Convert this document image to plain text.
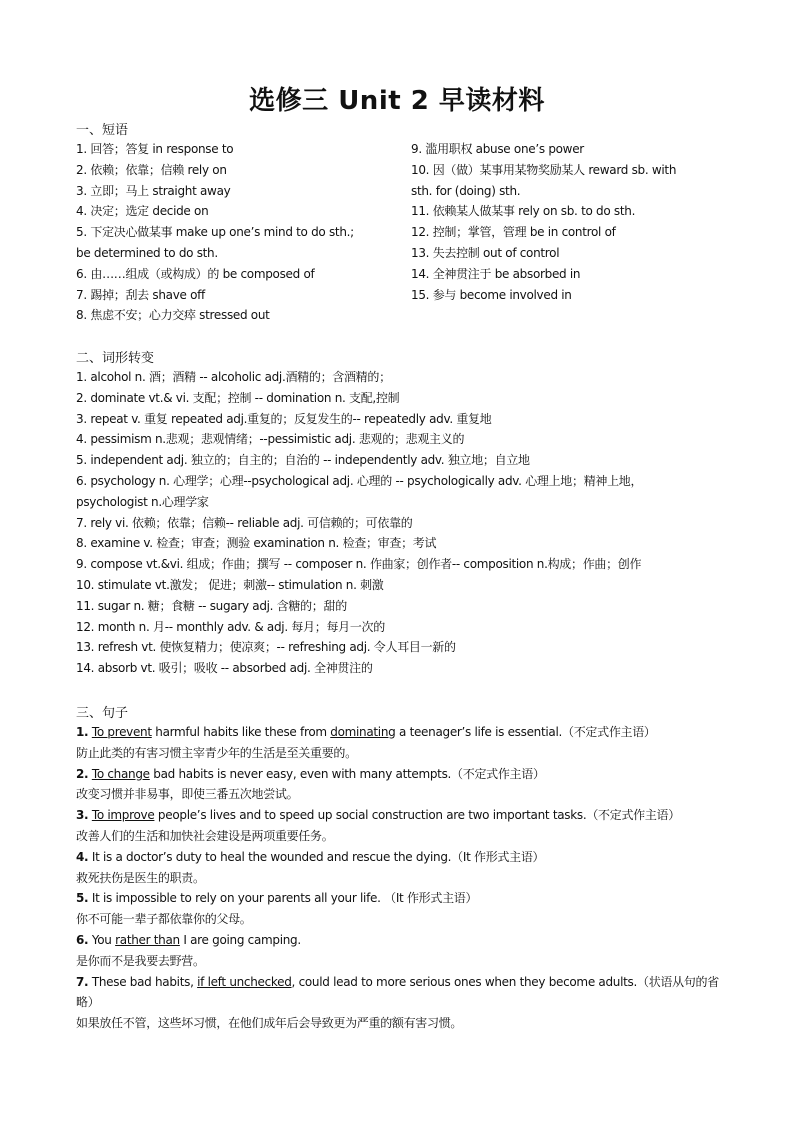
选修三 Unit 2 早读材料
一、短语
1. 回答；答复 in response to
2. 依赖；依靠；信赖 rely on
3. 立即；马上 straight away
4. 决定；选定 decide on
5. 下定决心做某事 make up one’s mind to do sth.;
be determined to do sth.
6. 由……组成（或构成）的 be composed of
7. 踢掉；刮去 shave off
8. 焦虑不安；心力交瘁 stressed out
9. 滥用职权 abuse one’s power
10. 因（做）某事用某物奖励某人 reward sb. with
sth. for (doing) sth.
11. 依赖某人做某事 rely on sb. to do sth.
12. 控制；掌管，管理 be in control of
13. 失去控制 out of control
14. 全神贯注于 be absorbed in
15. 参与 become involved in
二、词形转变
1. alcohol n. 酒；酒精 -- alcoholic adj.酒精的；含酒精的；
2. dominate vt.& vi. 支配；控制 -- domination n. 支配,控制
3. repeat v. 重复 repeated adj.重复的；反复发生的-- repeatedly adv. 重复地
4. pessimism n.悲观；悲观情绪；--pessimistic adj. 悲观的；悲观主义的
5. independent adj. 独立的；自主的；自治的 -- independently adv. 独立地；自立地
6. psychology n. 心理学；心理--psychological adj. 心理的 -- psychologically adv. 心理上地；精神上地，
psychologist n.心理学家
7. rely vi. 依赖；依靠；信赖-- reliable adj. 可信赖的；可依靠的
8. examine v. 检查；审查；测验 examination n. 检查；审查；考试
9. compose vt.&vi. 组成；作曲；撰写 -- composer n. 作曲家；创作者-- composition n.构成；作曲；创作
10. stimulate vt.激发； 促进；刺激-- stimulation n. 刺激
11. sugar n. 糖；食糖 -- sugary adj. 含糖的；甜的
12. month n. 月-- monthly adv. & adj. 每月；每月一次的
13. refresh vt. 使恢复精力；使凉爽；-- refreshing adj. 令人耳目一新的
14. absorb vt. 吸引；吸收 -- absorbed adj. 全神贯注的
三、句子
1. To prevent harmful habits like these from dominating a teenager’s life is essential.（不定式作主语）
防止此类的有害习惯主宰青少年的生活是至关重要的。
2. To change bad habits is never easy, even with many attempts.（不定式作主语）
改变习惯并非易事，即使三番五次地尝试。
3. To improve people’s lives and to speed up social construction are two important tasks.（不定式作主语）
改善人们的生活和加快社会建设是两项重要任务。
4. It is a doctor’s duty to heal the wounded and rescue the dying.（It 作形式主语）
救死扶伤是医生的职责。
5. It is impossible to rely on your parents all your life. （It 作形式主语）
你不可能一辈子都依靠你的父母。
6. You rather than I are going camping.
是你而不是我要去野营。
7. These bad habits, if left unchecked, could lead to more serious ones when they become adults.（状语从句的省略）
如果放任不管，这些坏习惯，在他们成年后会导致更为严重的额有害习惯。
